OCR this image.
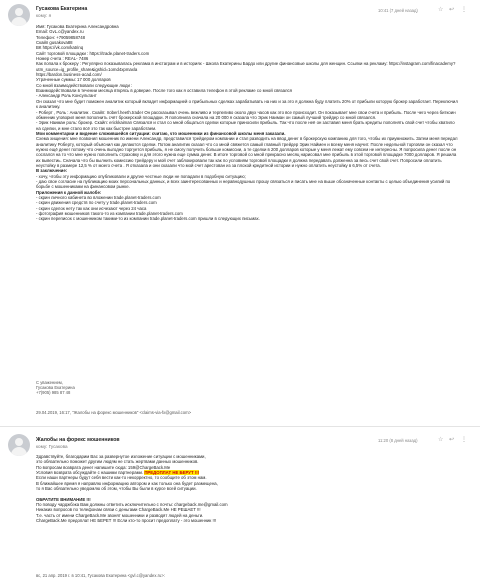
Гусакова Екатерина
кому: я
10:41 (7 дней назад)	☆ ↩ ⋮
Имя: Гусакова Екатерина Александровна
Email: GvL.c@yandex.ru
Телефон: +79059858748
Скайп gusakova88
ВК https://vk.com/katrinq
Сайт торговой площадки : https://trade.planet-traders.com
Номер счета : REAL- 7486
Как попала к брокеру : Регулярно показывалась реклама в инстаграм и в историях - Школа Екатерины Бардо или другие финансовые школы для женщин. Ссылки на рекламу: https://instagram.com/finacademy?utm_source=ig_profile_share&igshid=1omd4xpmaxla
https://bardon.business-acad.com/
Утраченные суммы: 17 000 долларов
Со мной взаимодействовали следующие люди :
Взаимодействовали в течении месяца вткрясь в доверие. После того как я оставила телефон в этой рекламе со мной связался
- Александр Роль Консультант
Он сказал что мне будет поможен аналитик который вкладет информацией о прибыльных сделках зарабатывать на них и за это я должна буду платить 20% от прибыли которую брокер заработает. Переключил к аналитику.
- Роберт , Роль : Аналитик . Скайп: Iroberl.heeth.trader Он рассказывал очень вежливо и терпеливо около двух часов как это все происходит. Он показывает мне свои счета и прибыль. После чего через биткоин обменник уговорил меня пополнить счёт брокерской площадки. Я пополнила сначала на 20 000 я сказала что Эрик Наиман он самый лучший трейдер со мной связался.
- Эрик Наиман роль: брокер. Скайп: erickkaiman Связался и стал со мной общаться сделки которые приносили прибыль. Так что после неё он заставил меня брать кредиты пополнять свой счет чтобы хватило на сделки, и мне стало всё это так как быстрее заработаем.
Мои комментарии и видение сложившейся ситуации: считаю, что мошенники из финансовой школы меня заказали.
Схема хищения: мне позвонил мошенник по имени Александр, представился трейдером компании и стал разводить на ввод денег в брокерскую компанию для того, чтобы их приумножить. Затем меня передал аналитику Роберту, который объяснил как делаются сделки. Потом аналитик сказал что со мной свяжется самый главный трейдер Эрик Наймен и всему меня научит. После недельной торговли он сказал что нужно ещё денег потому что очень выгодно торгуется прибыль, я не смогу получить больше комиссии, а те сделки в 200 долларов которые у меня лежат ему совсем не интересны. Я попросила денег после он сослался на то что мне нужно пополнить страховку и для этого нужна еще сумма денег. В итоге торговой со мной прекрасно месяц нарисовал мне прибыль в этой торговой площадке 7000 долларов. Я решила их вывестиь. Сначала что бы вылнить комиссию трейдеру и мой счет заблокировали так как по условиям торговой площадки я должна передавать долженна за весь счет свой счет. Попросили оплатить неустойку в размере 12,5 % от моего счета . Я отказала и они сказали что мой счет арестован из за плохой кредитной истории и нужно оплатить неустойку в 6,5% от счета.
В заключение:
- хочу, чтобы эту информацию опубликовали и другие честные люди не попадали в подобную ситуацию;
- даю свое согласие на публикацию моих персональных данных, и всех заинтересованных и неравнодушных прошу связаться и писать мне на выше обозначенные контакты с целью объединения усилий по борьбе с мошенниками на финансовом рынке.
Приложения к данной жалобе:
- скрин личного кабинета во вложении trade.planet-traders.com
- скрин движения средств по счету у trade.planet-traders.com
- скрин сделок нету так как они исчезают через 24 часа
- фотография мошенников такого-то из компании trade.planet-traders.com
- скрин переписок с мошенником такими-то из компании trade.planet-traders.com пришли в следующих письмах.
С уважением,
Гусакова Екатерина
+7(905) 985 87 48
29.04.2019, 16:17, "Жалобы на форекс мошенников" <claims-via-fx@gmail.com>
Жалобы на форекс мошенников
кому: Гусакова
11:20 (8 дней назад)	☆ ↩ ⋮
Здравствуйте, благодарим Вас за развернутое изложение ситуации с мошенниками,
это обязательно поможет другим людям не стать жертвами данных мошенников.
По вопросам возврата денег напишите сюда: 159@ChargeBack.Me
Условия возврата обсуждайте с нашими партнерами. ПРЕДОПЛАТ НЕ БЕРУТ !!!
Если наши партнеры будут себя вести как-то некорректно, то сообщите об этом нам.
В ближайшее время я направлю информацию автором и как только она будет размещена,
то я Вас обязательно уведомлю об этом, чтобы Вы были в курсе всей ситуации.

ОБРАТИТЕ ВНИМАНИЕ !!!
По поводу чарджбэка Вам должны ответить исключительно с почты: chargeback.me@gmail.com
Никаких вопросов по телефонам связи с деньгами ChargeBack.Me НЕ РЕШАЕТ !!!
Т.е. часть от имени ChargeBack.Me звонят мошенники и разводят людей на деньги.
ChargeBack.Me предоплат НЕ БЕРЕТ !!! Если кто-то просит предоплату - это мошенник !!!
вс, 21 апр. 2019 г. в 10:41, Гусакова Екатерина <gvl.c@yandex.ru>:
